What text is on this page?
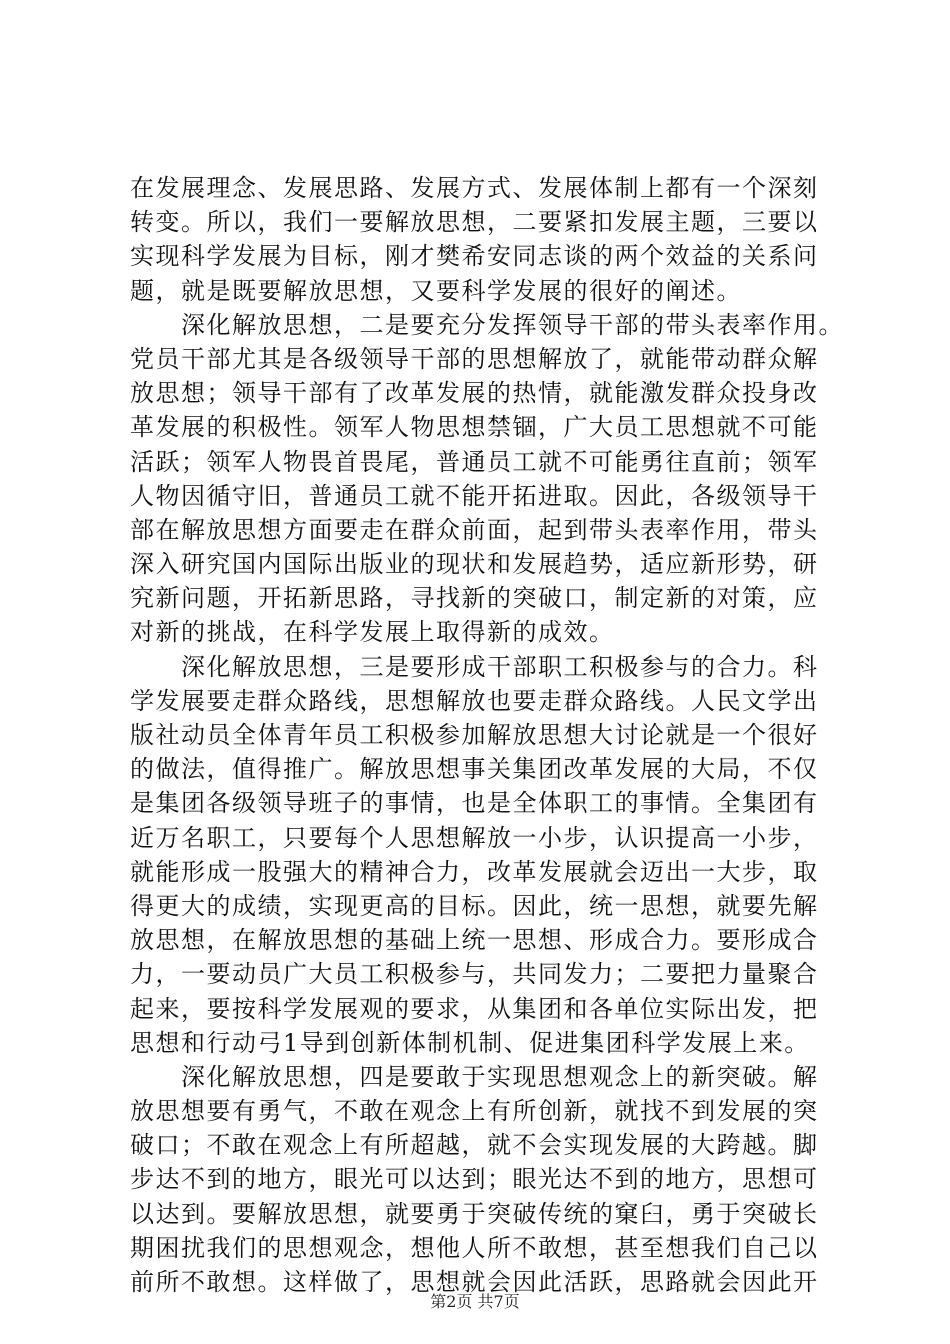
在发展理念、发展思路、发展方式、发展体制上都有一个深刻
转变。所以，我们一要解放思想，二要紧扣发展主题，三要以
实现科学发展为目标，刚才樊希安同志谈的两个效益的关系问
题，就是既要解放思想，又要科学发展的很好的阐述。
　　深化解放思想，二是要充分发挥领导干部的带头表率作用。
党员干部尤其是各级领导干部的思想解放了，就能带动群众解
放思想；领导干部有了改革发展的热情，就能激发群众投身改
革发展的积极性。领军人物思想禁锢，广大员工思想就不可能
活跃；领军人物畏首畏尾，普通员工就不可能勇往直前；领军
人物因循守旧，普通员工就不能开拓进取。因此，各级领导干
部在解放思想方面要走在群众前面，起到带头表率作用，带头
深入研究国内国际出版业的现状和发展趋势，适应新形势，研
究新问题，开拓新思路，寻找新的突破口，制定新的对策，应
对新的挑战，在科学发展上取得新的成效。
　　深化解放思想，三是要形成干部职工积极参与的合力。科
学发展要走群众路线，思想解放也要走群众路线。人民文学出
版社动员全体青年员工积极参加解放思想大讨论就是一个很好
的做法，值得推广。解放思想事关集团改革发展的大局，不仅
是集团各级领导班子的事情，也是全体职工的事情。全集团有
近万名职工，只要每个人思想解放一小步，认识提高一小步，
就能形成一股强大的精神合力，改革发展就会迈出一大步，取
得更大的成绩，实现更高的目标。因此，统一思想，就要先解
放思想，在解放思想的基础上统一思想、形成合力。要形成合
力，一要动员广大员工积极参与，共同发力；二要把力量聚合
起来，要按科学发展观的要求，从集团和各单位实际出发，把
思想和行动弓1导到创新体制机制、促进集团科学发展上来。
　　深化解放思想，四是要敢于实现思想观念上的新突破。解
放思想要有勇气，不敢在观念上有所创新，就找不到发展的突
破口；不敢在观念上有所超越，就不会实现发展的大跨越。脚
步达不到的地方，眼光可以达到；眼光达不到的地方，思想可
以达到。要解放思想，就要勇于突破传统的窠臼，勇于突破长
期困扰我们的思想观念，想他人所不敢想，甚至想我们自己以
前所不敢想。这样做了，思想就会因此活跃，思路就会因此开
第2页 共7页
